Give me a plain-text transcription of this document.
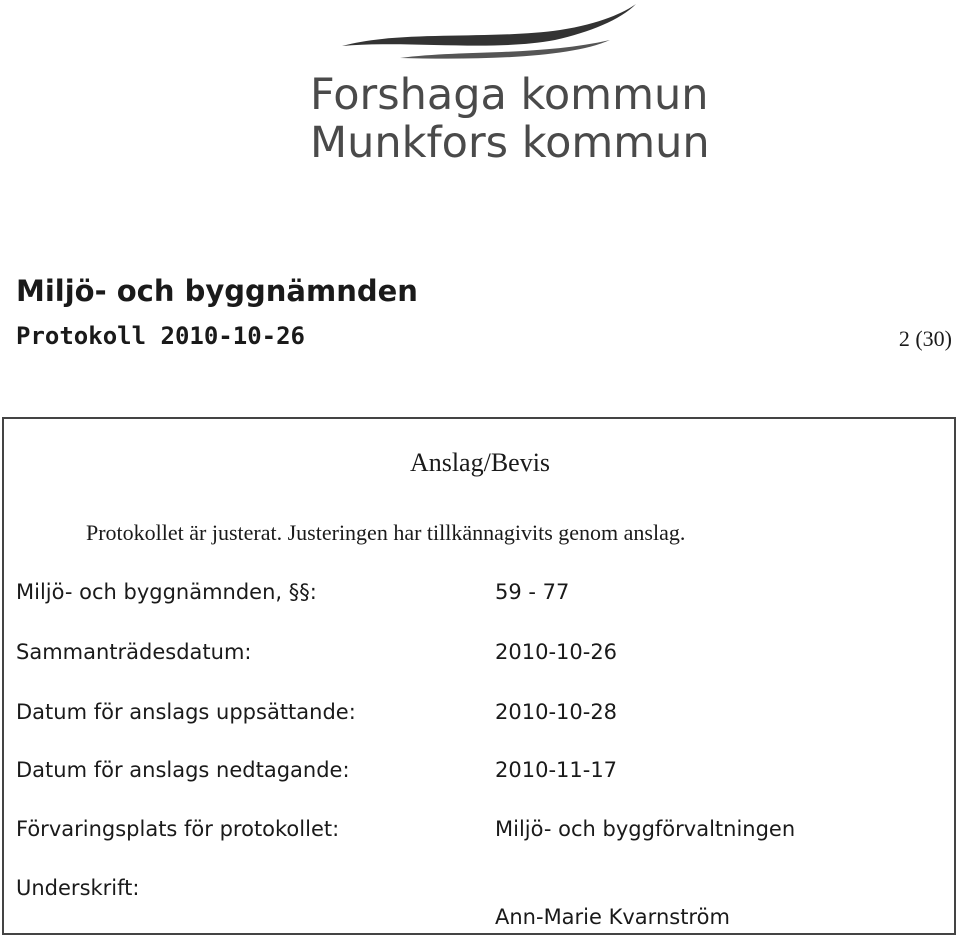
Forshaga kommun
Munkfors kommun
Miljö- och byggnämnden
Protokoll 2010-10-26	2 (30)
Anslag/Bevis
Protokollet är justerat. Justeringen har tillkännagivits genom anslag.
Miljö- och byggnämnden, §§:	59 - 77
Sammanträdesdatum:	2010-10-26
Datum för anslags uppsättande:	2010-10-28
Datum för anslags nedtagande:	2010-11-17
Förvaringsplats för protokollet:	Miljö- och byggförvaltningen
Underskrift:
Ann-Marie Kvarnström
